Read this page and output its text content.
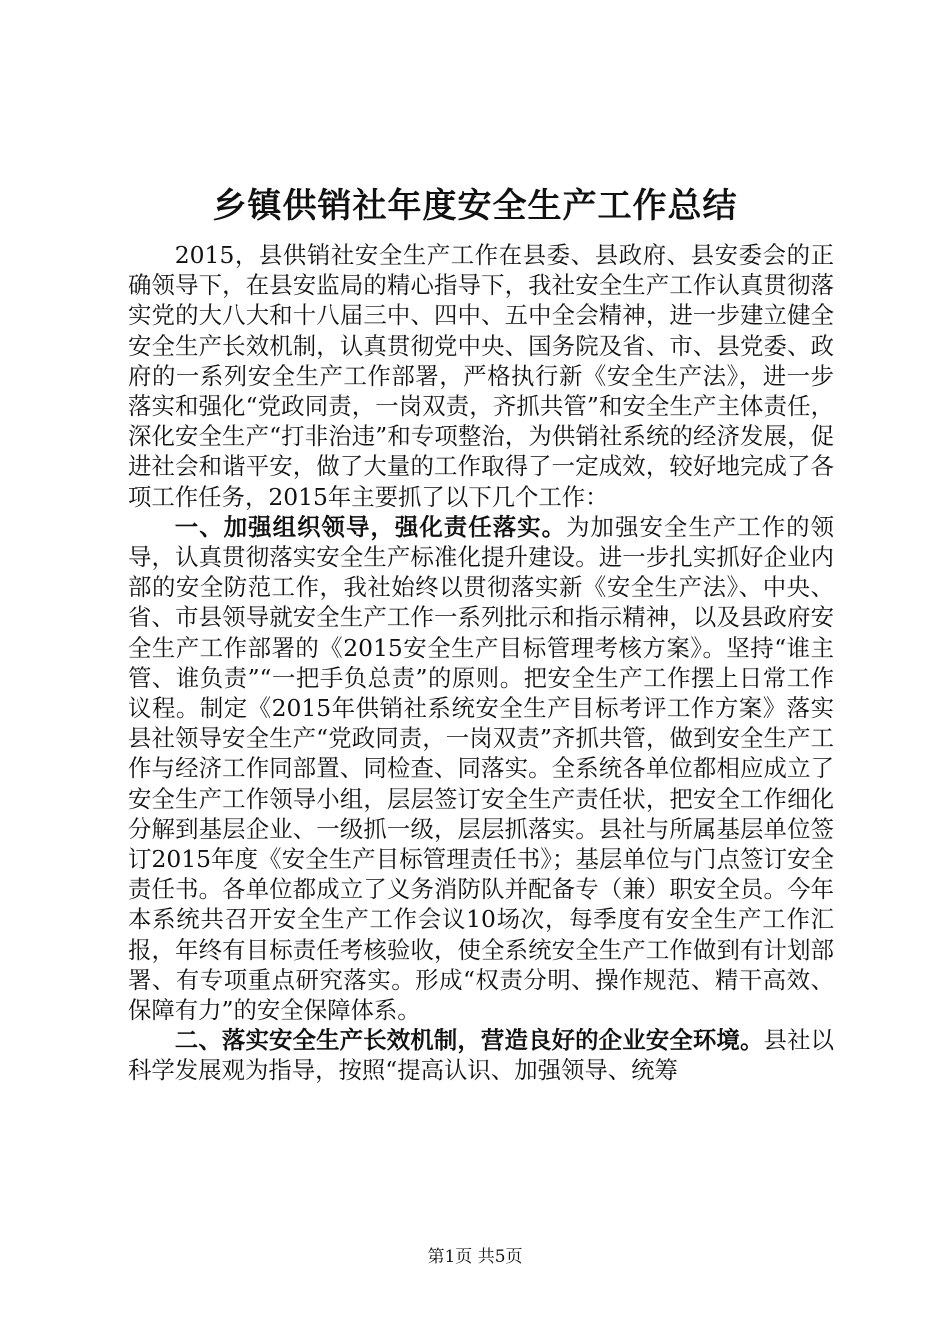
乡镇供销社年度安全生产工作总结

2015，县供销社安全生产工作在县委、县政府、县安委会的正确领导下，在县安监局的精心指导下，我社安全生产工作认真贯彻落实党的大八大和十八届三中、四中、五中全会精神，进一步建立健全安全生产长效机制，认真贯彻党中央、国务院及省、市、县党委、政府的一系列安全生产工作部署，严格执行新《安全生产法》，进一步落实和强化“党政同责，一岗双责，齐抓共管”和安全生产主体责任，深化安全生产“打非治违”和专项整治，为供销社系统的经济发展，促进社会和谐平安，做了大量的工作取得了一定成效，较好地完成了各项工作任务，2015年主要抓了以下几个工作：

一、加强组织领导，强化责任落实。为加强安全生产工作的领导，认真贯彻落实安全生产标准化提升建设。进一步扎实抓好企业内部的安全防范工作，我社始终以贯彻落实新《安全生产法》、中央、省、市县领导就安全生产工作一系列批示和指示精神，以及县政府安全生产工作部署的《2015安全生产目标管理考核方案》。坚持“谁主管、谁负责”“一把手负总责”的原则。把安全生产工作摆上日常工作议程。制定《2015年供销社系统安全生产目标考评工作方案》落实县社领导安全生产“党政同责，一岗双责”齐抓共管，做到安全生产工作与经济工作同部置、同检查、同落实。全系统各单位都相应成立了安全生产工作领导小组，层层签订安全生产责任状，把安全工作细化分解到基层企业、一级抓一级，层层抓落实。县社与所属基层单位签订2015年度《安全生产目标管理责任书》；基层单位与门点签订安全责任书。各单位都成立了义务消防队并配备专（兼）职安全员。今年本系统共召开安全生产工作会议10场次，每季度有安全生产工作汇报，年终有目标责任考核验收，使全系统安全生产工作做到有计划部署、有专项重点研究落实。形成“权责分明、操作规范、精干高效、保障有力”的安全保障体系。

二、落实安全生产长效机制，营造良好的企业安全环境。县社以科学发展观为指导，按照“提高认识、加强领导、统筹

第1页 共5页
